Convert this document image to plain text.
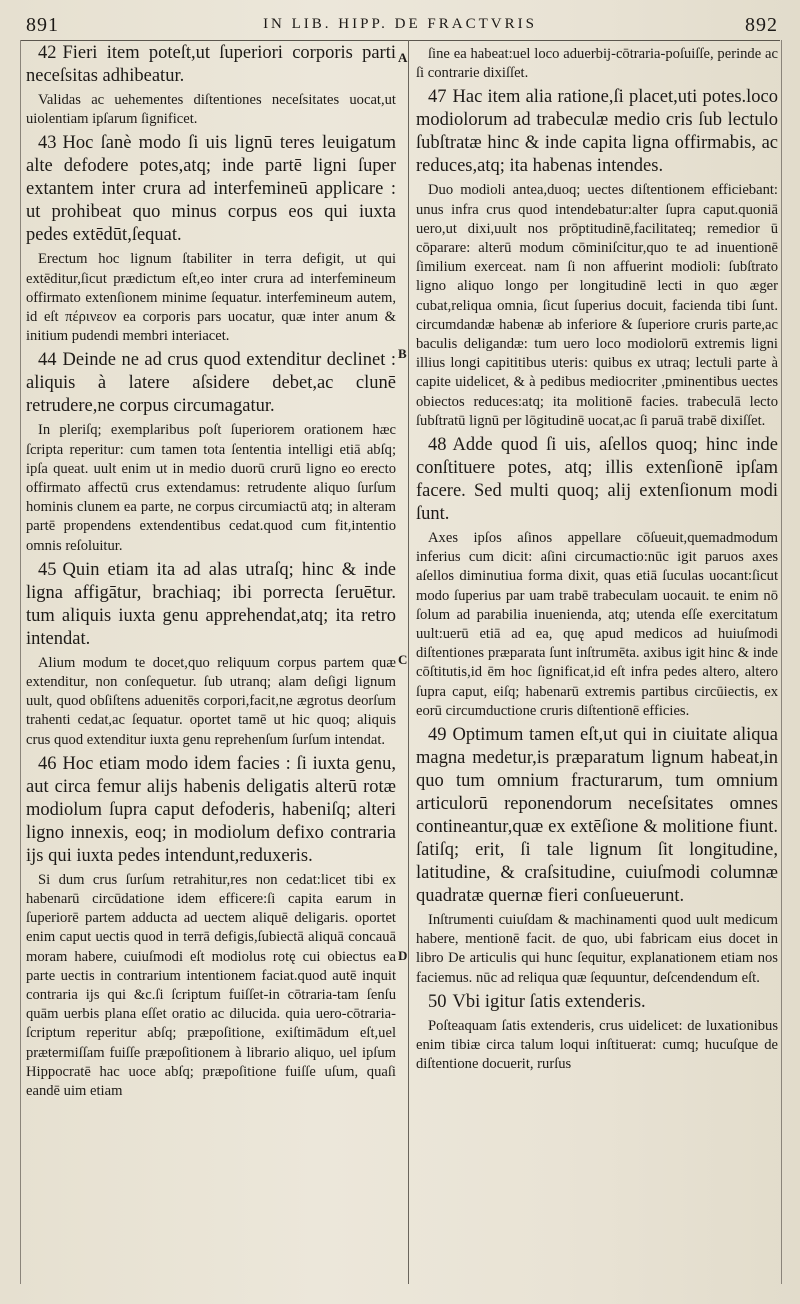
891	IN LIB. HIPP. DE FRACTVRIS	892
A
B
C
D

42 Fieri item poteſt,ut ſuperiori corporis parti neceſsitas adhibeatur.

Validas ac uehementes diſtentiones neceſsitates uocat,ut uiolentiam ipſarum ſignificet.

43 Hoc ſanè modo ſi uis lignū teres leuigatum alte defodere potes,atq; inde partē ligni ſuper extantem inter crura ad interfemineū applicare : ut prohibeat quo minus corpus eos qui iuxta pedes extēdūt,ſequat.

Erectum hoc lignum ſtabiliter in terra defigit, ut qui extēditur,ſicut prædictum eſt,eo inter crura ad interfemineum offirmato extenſionem minime ſequatur. interfemineum autem, id eſt πέρινεον ea corporis pars uocatur, quæ inter anum & initium pudendi membri interiacet.

44 Deinde ne ad crus quod extenditur declinet : aliquis à latere aſsidere debet,ac clunē retrudere,ne corpus circumagatur.

In pleriſq; exemplaribus poſt ſuperiorem orationem hæc ſcripta reperitur: cum tamen tota ſententia intelligi etiā abſq; ipſa queat. uult enim ut in medio duorū crurū ligno eo erecto offirmato affectū crus extendamus: retrudente aliquo ſurſum hominis clunem ea parte, ne corpus circumiactū atq; in alteram partē propendens extendentibus cedat.quod cum fit,intentio omnis reſoluitur.

45 Quin etiam ita ad alas utraſq; hinc & inde ligna affigātur, brachiaq; ibi porrecta ſeruētur. tum aliquis iuxta genu apprehendat,atq; ita retro intendat.

Alium modum te docet,quo reliquum corpus partem quæ extenditur, non conſequetur. ſub utranq; alam deſigi lignum uult, quod obſiſtens aduenitēs corpori,facit,ne ægrotus deorſum trahenti cedat,ac ſequatur. oportet tamē ut hic quoq; aliquis crus quod extenditur iuxta genu reprehenſum ſurſum intendat.

46 Hoc etiam modo idem facies : ſi iuxta genu, aut circa femur alijs habenis deligatis alterū rotæ modiolum ſupra caput defoderis, habeniſq; alteri ligno innexis, eoq; in modiolum defixo contraria ijs qui iuxta pedes intendunt,reduxeris.

Si dum crus ſurſum retrahitur,res non cedat:licet tibi ex habenarū circūdatione idem efficere:ſi capita earum in ſuperiorē partem adducta ad uectem aliquē deligaris. oportet enim caput uectis quod in terrā defigis,ſubiectā aliquā concauā moram habere, cuiuſmodi eſt modiolus rotę cui obiectus ea parte uectis in contrarium intentionem faciat.quod autē inquit contraria ijs qui &c.ſi ſcriptum fuiſſet-in cōtraria-tam ſenſu quām uerbis plana eſſet oratio ac dilucida. quia uero-cōtraria-ſcriptum reperitur abſq; præpoſitione, exiſtimādum eſt,uel prætermiſſam fuiſſe præpoſitionem à librario aliquo, uel ipſum Hippocratē hac uoce abſq; præpoſitione fuiſſe uſum, quaſi eandē uim etiam

ſine ea habeat:uel loco aduerbij-cōtraria-poſuiſſe, perinde ac ſi contrarie dixiſſet.

47 Hac item alia ratione,ſi placet,uti potes.loco modiolorum ad trabeculæ medio cris ſub lectulo ſubſtratæ hinc & inde capita ligna offirmabis, ac reduces,atq; ita habenas intendes.

Duo modioli antea,duoq; uectes diſtentionem efficiebant: unus infra crus quod intendebatur:alter ſupra caput.quoniā uero,ut dixi,uult nos prōptitudinē,facilitateq; remedior ū cōparare: alterū modum cōminiſcitur,quo te ad inuentionē ſimilium exerceat. nam ſi non affuerint modioli: ſubſtrato ligno aliquo longo per longitudinē lecti in quo æger cubat,reliqua omnia, ſicut ſuperius docuit, facienda tibi ſunt. circumdandæ habenæ ab inferiore & ſuperiore cruris parte,ac baculis deligandæ: tum uero loco modiolorū extremis ligni illius longi capititibus uteris: quibus ex utraq; lectuli parte à capite uidelicet, & à pedibus mediocriter ,pminentibus uectes obiectos reduces:atq; ita molitionē facies. trabeculā lecto ſubſtratū lignū per lōgitudinē uocat,ac ſi paruā trabē dixiſſet.

48 Adde quod ſi uis, aſellos quoq; hinc inde conſtituere potes, atq; illis extenſionē ipſam facere. Sed multi quoq; alij extenſionum modi ſunt.

Axes ipſos aſinos appellare cōſueuit,quemadmodum inferius cum dicit: aſini circumactio:nūc igit paruos axes aſellos diminutiua forma dixit, quas etiā ſuculas uocant:ſicut modo ſuperius par uam trabē trabeculam uocauit. te enim nō ſolum ad parabilia inuenienda, atq; utenda eſſe exercitatum uult:uerū etiā ad ea, quę apud medicos ad huiuſmodi diſtentiones præparata ſunt inſtrumēta. axibus igit hinc & inde cōſtitutis,id ēm hoc ſignificat,id eſt infra pedes altero, altero ſupra caput, eiſq; habenarū extremis partibus circūiectis, ex eorū circumductione cruris diſtentionē efficies.

49 Optimum tamen eſt,ut qui in ciuitate aliqua magna medetur,is præparatum lignum habeat,in quo tum omnium fracturarum, tum omnium articulorū reponendorum neceſsitates omnes contineantur,quæ ex extēſione & molitione fiunt. ſatiſq; erit, ſi tale lignum ſit longitudine, latitudine, & craſsitudine, cuiuſmodi columnæ quadratæ quernæ fieri conſueuerunt.

Inſtrumenti cuiuſdam & machinamenti quod uult medicum habere, mentionē facit. de quo, ubi fabricam eius docet in libro De articulis qui hunc ſequitur, explanationem etiam nos faciemus. nūc ad reliqua quæ ſequuntur, deſcendendum eſt.

50 Vbi igitur ſatis extenderis.

Poſteaquam ſatis extenderis, crus uidelicet: de luxationibus enim tibiæ circa talum loqui inſtituerat: cumq; hucuſque de diſtentione docuerit, rurſus
